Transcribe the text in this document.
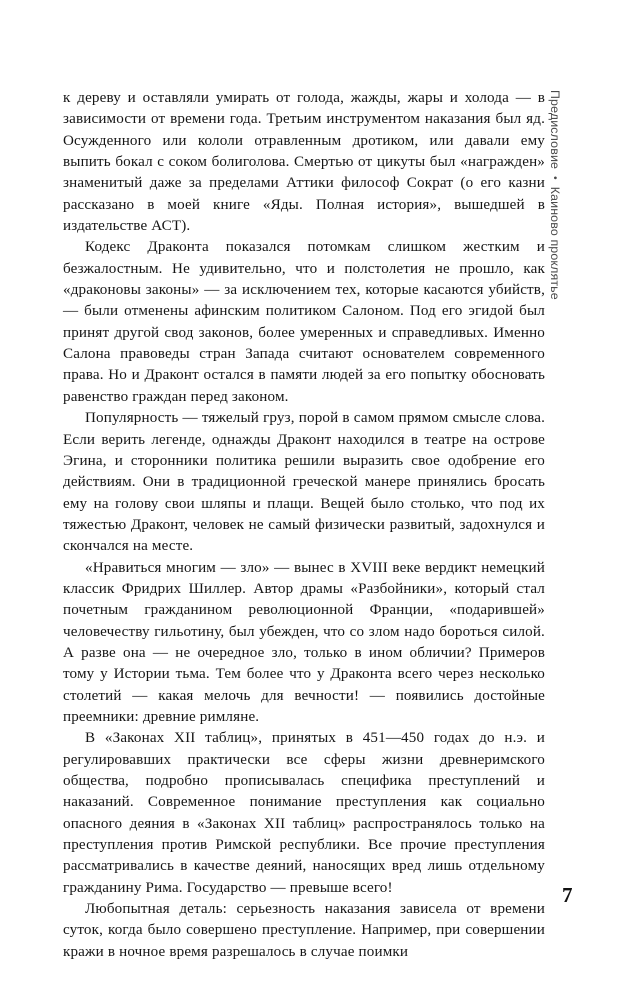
к дереву и оставляли умирать от голода, жажды, жары и холода — в зависимости от времени года. Третьим инструментом наказания был яд. Осужденного или кололи отравленным дротиком, или давали ему выпить бокал с соком болиголова. Смертью от цикуты был «награжден» знаменитый даже за пределами Аттики философ Сократ (о его казни рассказано в моей книге «Яды. Полная история», вышедшей в издательстве АСТ).

Кодекс Драконта показался потомкам слишком жестким и безжалостным. Не удивительно, что и полстолетия не прошло, как «драконовы законы» — за исключением тех, которые касаются убийств, — были отменены афинским политиком Салоном. Под его эгидой был принят другой свод законов, более умеренных и справедливых. Именно Салона правоведы стран Запада считают основателем современного права. Но и Драконт остался в памяти людей за его попытку обосновать равенство граждан перед законом.

Популярность — тяжелый груз, порой в самом прямом смысле слова. Если верить легенде, однажды Драконт находился в театре на острове Эгина, и сторонники политика решили выразить свое одобрение его действиям. Они в традиционной греческой манере принялись бросать ему на голову свои шляпы и плащи. Вещей было столько, что под их тяжестью Драконт, человек не самый физически развитый, задохнулся и скончался на месте.

«Нравиться многим — зло» — вынес в XVIII веке вердикт немецкий классик Фридрих Шиллер. Автор драмы «Разбойники», который стал почетным гражданином революционной Франции, «подарившей» человечеству гильотину, был убежден, что со злом надо бороться силой. А разве она — не очередное зло, только в ином обличии? Примеров тому у Истории тьма. Тем более что у Драконта всего через несколько столетий — какая мелочь для вечности! — появились достойные преемники: древние римляне.

В «Законах XII таблиц», принятых в 451—450 годах до н.э. и регулировавших практически все сферы жизни древнеримского общества, подробно прописывалась специфика преступлений и наказаний. Современное понимание преступления как социально опасного деяния в «Законах XII таблиц» распространялось только на преступления против Римской республики. Все прочие преступления рассматривались в качестве деяний, наносящих вред лишь отдельному гражданину Рима. Государство — превыше всего!

Любопытная деталь: серьезность наказания зависела от времени суток, когда было совершено преступление. Например, при совершении кражи в ночное время разрешалось в случае поимки

Предисловие•Каиново проклятье
7
